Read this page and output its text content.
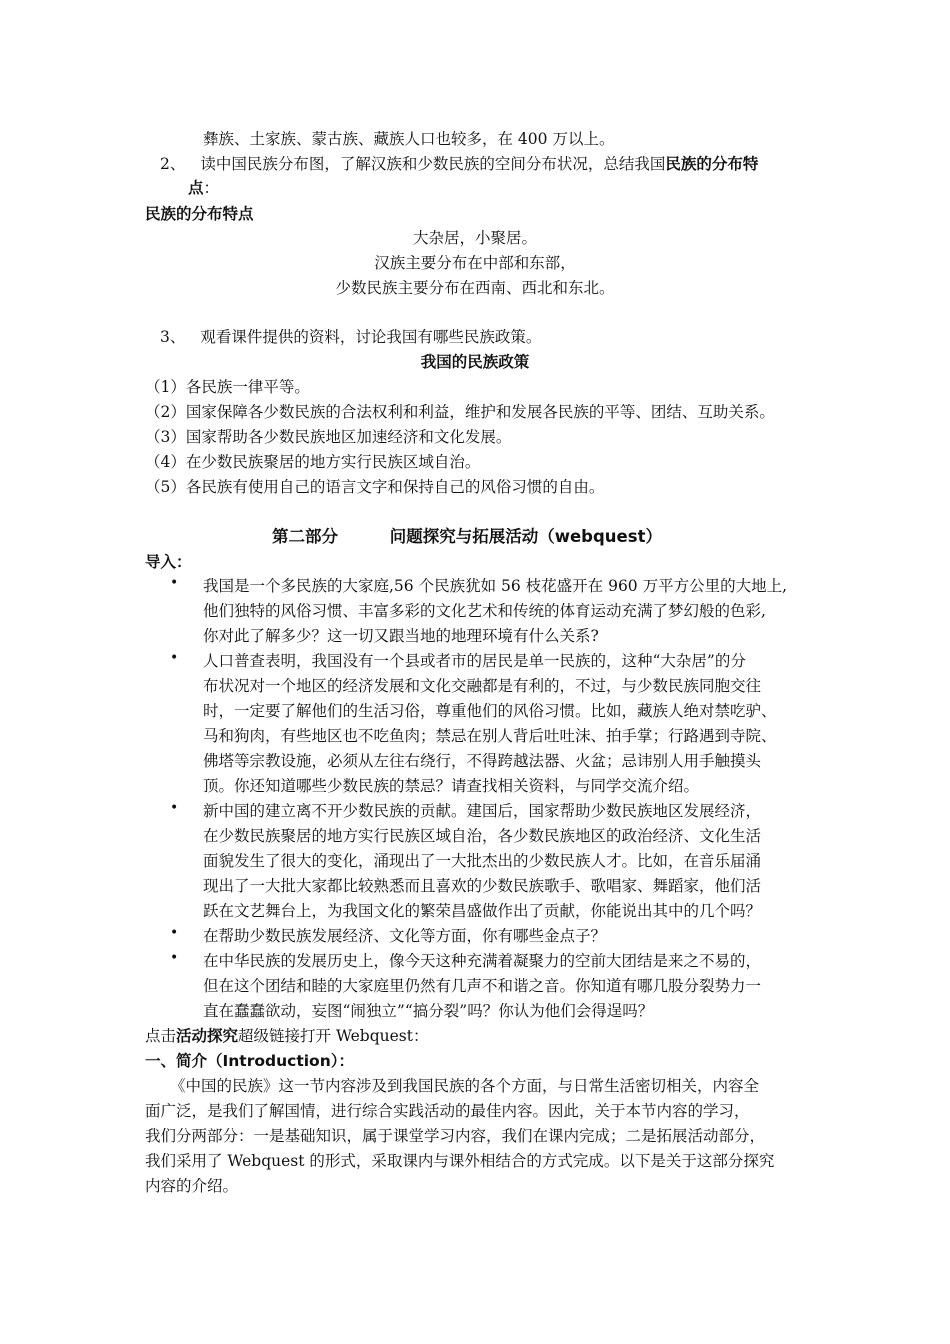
彝族、土家族、蒙古族、藏族人口也较多，在 400 万以上。
2、 读中国民族分布图，了解汉族和少数民族的空间分布状况，总结我国民族的分布特
点：
民族的分布特点
大杂居，小聚居。
汉族主要分布在中部和东部，
少数民族主要分布在西南、西北和东北。
3、 观看课件提供的资料，讨论我国有哪些民族政策。
我国的民族政策
（1）各民族一律平等。
（2）国家保障各少数民族的合法权利和利益，维护和发展各民族的平等、团结、互助关系。
（3）国家帮助各少数民族地区加速经济和文化发展。
（4）在少数民族聚居的地方实行民族区域自治。
（5）各民族有使用自己的语言文字和保持自己的风俗习惯的自由。
第二部分	问题探究与拓展活动（webquest）
导入：
• 我国是一个多民族的大家庭,56 个民族犹如 56 枝花盛开在 960 万平方公里的大地上,
他们独特的风俗习惯、丰富多彩的文化艺术和传统的体育运动充满了梦幻般的色彩,
你对此了解多少？这一切又跟当地的地理环境有什么关系?
• 人口普查表明，我国没有一个县或者市的居民是单一民族的，这种“大杂居”的分
布状况对一个地区的经济发展和文化交融都是有利的，不过，与少数民族同胞交往
时，一定要了解他们的生活习俗，尊重他们的风俗习惯。比如，藏族人绝对禁吃驴、
马和狗肉，有些地区也不吃鱼肉；禁忌在别人背后吐吐沫、拍手掌；行路遇到寺院、
佛塔等宗教设施，必须从左往右绕行，不得跨越法器、火盆；忌讳别人用手触摸头
顶。你还知道哪些少数民族的禁忌？请查找相关资料，与同学交流介绍。
• 新中国的建立离不开少数民族的贡献。建国后，国家帮助少数民族地区发展经济，
在少数民族聚居的地方实行民族区域自治，各少数民族地区的政治经济、文化生活
面貌发生了很大的变化，涌现出了一大批杰出的少数民族人才。比如，在音乐届涌
现出了一大批大家都比较熟悉而且喜欢的少数民族歌手、歌唱家、舞蹈家，他们活
跃在文艺舞台上，为我国文化的繁荣昌盛做作出了贡献，你能说出其中的几个吗？
• 在帮助少数民族发展经济、文化等方面，你有哪些金点子？
• 在中华民族的发展历史上，像今天这种充满着凝聚力的空前大团结是来之不易的，
但在这个团结和睦的大家庭里仍然有几声不和谐之音。你知道有哪几股分裂势力一
直在蠢蠢欲动，妄图“闹独立”“搞分裂”吗？你认为他们会得逞吗？
点击活动探究超级链接打开 Webquest：
一、简介（Introduction）：
《中国的民族》这一节内容涉及到我国民族的各个方面，与日常生活密切相关，内容全
面广泛，是我们了解国情，进行综合实践活动的最佳内容。因此，关于本节内容的学习，
我们分两部分：一是基础知识，属于课堂学习内容，我们在课内完成；二是拓展活动部分，
我们采用了 Webquest 的形式，采取课内与课外相结合的方式完成。以下是关于这部分探究
内容的介绍。
